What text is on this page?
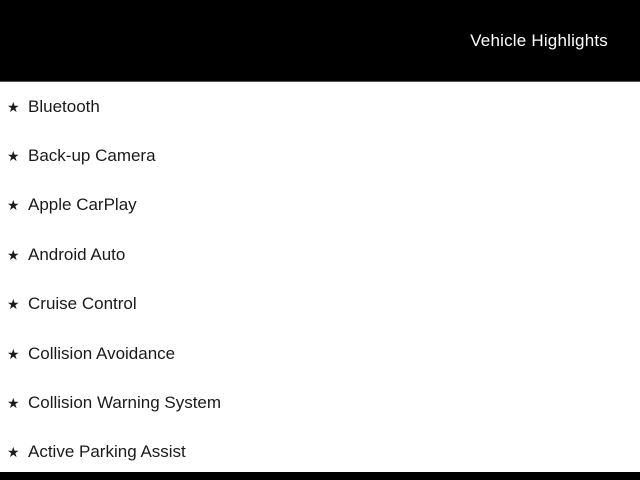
Vehicle Highlights
★ Bluetooth
★ Back-up Camera
★ Apple CarPlay
★ Android Auto
★ Cruise Control
★ Collision Avoidance
★ Collision Warning System
★ Active Parking Assist
